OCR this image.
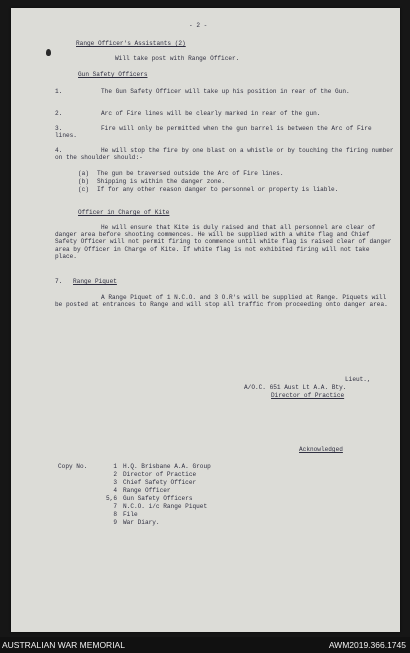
- 2 -
Range Officer's Assistants (2)
Will take post with Range Officer.
Gun Safety Officers
1.	The Gun Safety Officer will take up his position in rear of the Gun.
2.	Arc of Fire lines will be clearly marked in rear of the gun.
3.	Fire will only be permitted when the gun barrel is between the Arc of Fire lines.
4.	He will stop the fire by one blast on a whistle or by touching the firing number on the shoulder should:-
(a) The gun be traversed outside the Arc of Fire lines.
(b) Shipping is within the danger zone.
(c) If for any other reason danger to personnel or property is liable.
Officer in Charge of Kite
He will ensure that Kite is duly raised and that all personnel are clear of danger area before shooting commences. He will be supplied with a white flag and Chief Safety Officer will not permit firing to commence until white flag is raised clear of danger area by Officer in Charge of Kite. If white flag is not exhibited firing will not take place.
7. Range Piquet
A Range Piquet of 1 N.C.O. and 3 O.R's will be supplied at Range. Piquets will be posted at entrances to Range and will stop all traffic from proceeding onto danger area.
Lieut.,
A/O.C. 651 Aust Lt A.A. Bty.
Director of Practice
Acknowledged
Copy No.	1 H.Q. Brisbane A.A. Group
2 Director of Practice
3 Chief Safety Officer
4 Range Officer
5,6 Gun Safety Officers
7 N.C.O. i/c Range Piquet
8 File
9 War Diary.
AUSTRALIAN WAR MEMORIAL	AWM2019.366.1745
